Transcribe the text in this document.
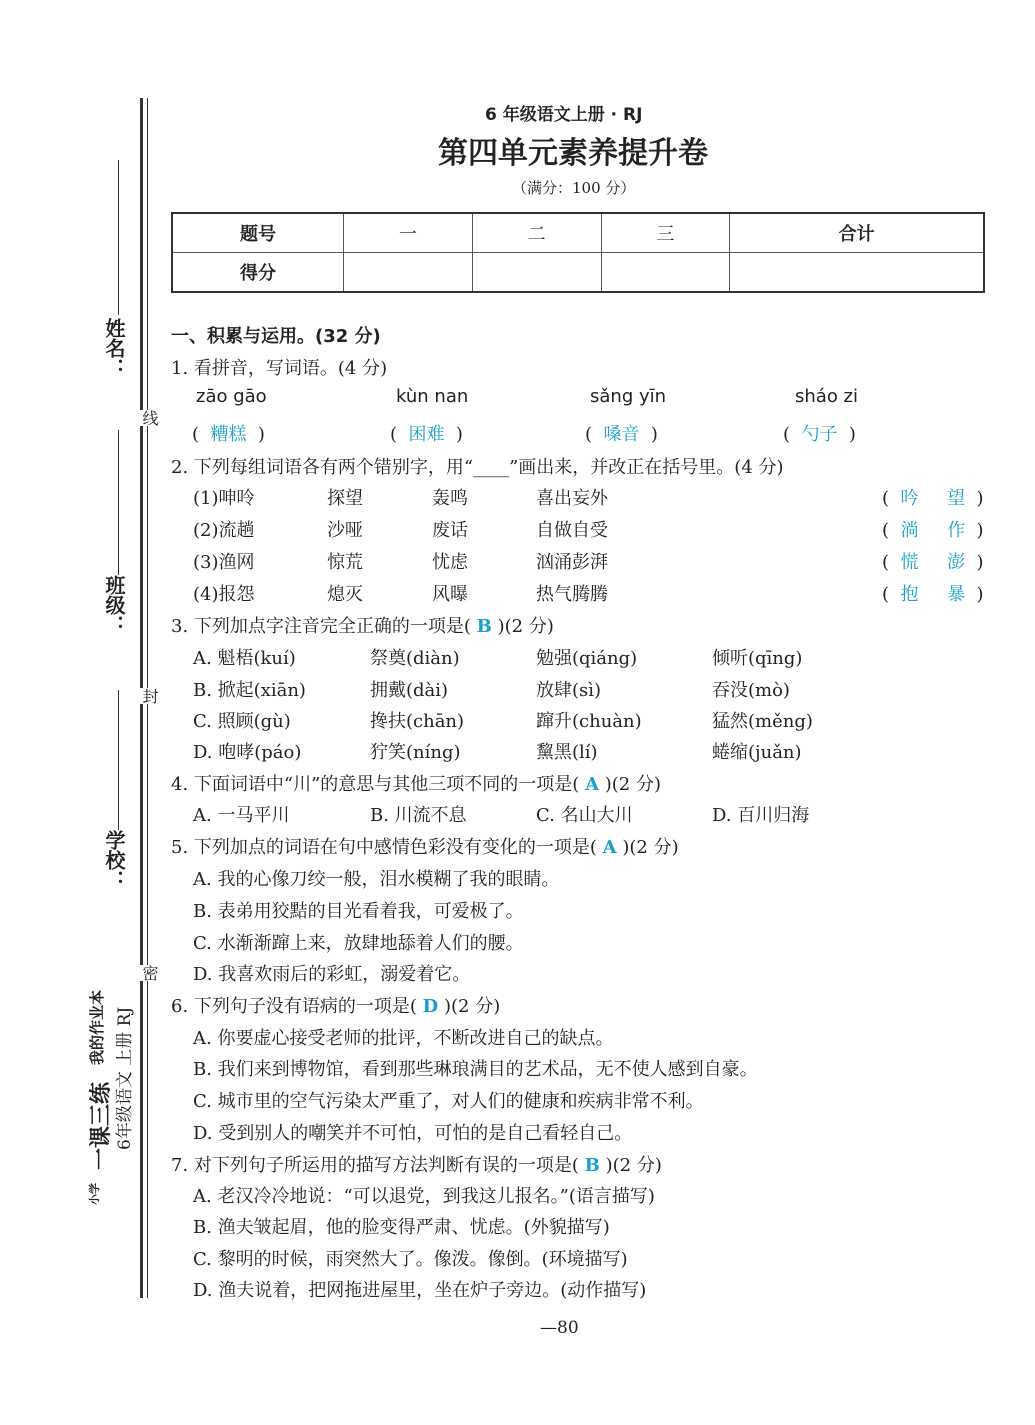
姓名：
班级：
学校：
线
封
密
小学
一课三练
我的作业本 6年级语文 上册 RJ
6 年级语文上册 · RJ
第四单元素养提升卷
（满分：100 分）
题号	一	二	三	合计
得分				
一、积累与运用。(32 分)
1. 看拼音，写词语。(4 分)
zāo gāo	kùn nan	sǎng yīn	sháo zi
(  糟糕  )	(  困难  )	(  嗓音  )	(  勺子  )
2. 下列每组词语各有两个错别字，用“____”画出来，并改正在括号里。(4 分)
(1)呻呤	探望	轰鸣	喜出妄外	(  吟 望  )
(2)流趟	沙哑	废话	自做自受	(  淌 作  )
(3)渔网	惊荒	忧虑	汹涌彭湃	(  慌 澎  )
(4)报怨	熄灭	风曝	热气腾腾	(  抱 暴  )
3. 下列加点字注音完全正确的一项是( B )(2 分)
A. 魁梧(kuí)	祭奠(diàn)	勉强(qiáng)	倾听(qīng)
B. 掀起(xiān)	拥戴(dài)	放肆(sì)	吞没(mò)
C. 照顾(gù)	搀扶(chān)	蹿升(chuàn)	猛然(měng)
D. 咆哮(páo)	狞笑(níng)	黧黑(lí)	蜷缩(juǎn)
4. 下面词语中“川”的意思与其他三项不同的一项是( A )(2 分)
A. 一马平川	B. 川流不息	C. 名山大川	D. 百川归海
5. 下列加点的词语在句中感情色彩没有变化的一项是( A )(2 分)
A. 我的心像刀绞一般，泪水模糊了我的眼睛。
B. 表弟用狡黠的目光看着我，可爱极了。
C. 水渐渐蹿上来，放肆地舔着人们的腰。
D. 我喜欢雨后的彩虹，溺爱着它。
6. 下列句子没有语病的一项是( D )(2 分)
A. 你要虚心接受老师的批评，不断改进自己的缺点。
B. 我们来到博物馆，看到那些琳琅满目的艺术品，无不使人感到自豪。
C. 城市里的空气污染太严重了，对人们的健康和疾病非常不利。
D. 受到别人的嘲笑并不可怕，可怕的是自己看轻自己。
7. 对下列句子所运用的描写方法判断有误的一项是( B )(2 分)
A. 老汉冷冷地说：“可以退党，到我这儿报名。”(语言描写)
B. 渔夫皱起眉，他的脸变得严肃、忧虑。(外貌描写)
C. 黎明的时候，雨突然大了。像泼。像倒。(环境描写)
D. 渔夫说着，把网拖进屋里，坐在炉子旁边。(动作描写)
—80
